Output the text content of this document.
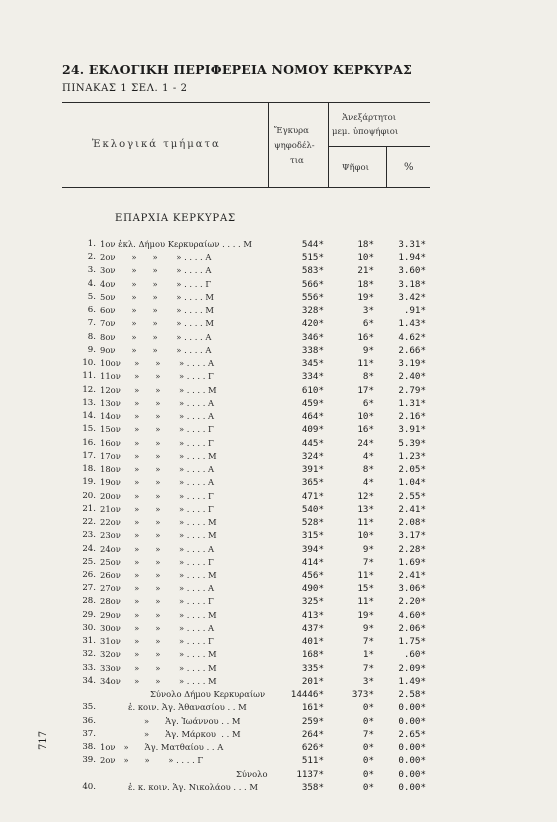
24. ΕΚΛΟΓΙΚΗ ΠΕΡΙΦΕΡΕΙΑ ΝΟΜΟΥ ΚΕΡΚΥΡΑΣ
ΠΙΝΑΚΑΣ 1 ΣΕΛ. 1 - 2
Ἐκλογικά τμήματα
Ἔγκυρα
ψηφοδέλ-
τια
Ἀνεξάρτητοι
μεμ. ὑποψήφιοι
Ψῆφοι	%
ΕΠΑΡΧΙΑ ΚΕΡΚΥΡΑΣ
1. 1ον ἐκλ. Δήμου Κερκυραίων . . . . Μ	544*	18*	3.31*
2. 2ον      »      »       » . . . . Α	515*	10*	1.94*
3. 3ον      »      »       » . . . . Α	583*	21*	3.60*
4. 4ον      »      »       » . . . . Γ	566*	18*	3.18*
5. 5ον      »      »       » . . . . Μ	556*	19*	3.42*
6. 6ον      »      »       » . . . . Μ	328*	3*	.91*
7. 7ον      »      »       » . . . . Μ	420*	6*	1.43*
8. 8ον      »      »       » . . . . Α	346*	16*	4.62*
9. 9ον      »      »       » . . . . Α	338*	9*	2.66*
10. 10ον     »      »       » . . . . Α	345*	11*	3.19*
11. 11ον     »      »       » . . . . Γ	334*	8*	2.40*
12. 12ον     »      »       » . . . . Μ	610*	17*	2.79*
13. 13ον     »      »       » . . . . Α	459*	6*	1.31*
14. 14ον     »      »       » . . . . Α	464*	10*	2.16*
15. 15ον     »      »       » . . . . Γ	409*	16*	3.91*
16. 16ον     »      »       » . . . . Γ	445*	24*	5.39*
17. 17ον     »      »       » . . . . Μ	324*	4*	1.23*
18. 18ον     »      »       » . . . . Α	391*	8*	2.05*
19. 19ον     »      »       » . . . . Α	365*	4*	1.04*
20. 20ον     »      »       » . . . . Γ	471*	12*	2.55*
21. 21ον     »      »       » . . . . Γ	540*	13*	2.41*
22. 22ον     »      »       » . . . . Μ	528*	11*	2.08*
23. 23ον     »      »       » . . . . Μ	315*	10*	3.17*
24. 24ον     »      »       » . . . . Α	394*	9*	2.28*
25. 25ον     »      »       » . . . . Γ	414*	7*	1.69*
26. 26ον     »      »       » . . . . Μ	456*	11*	2.41*
27. 27ον     »      »       » . . . . Α	490*	15*	3.06*
28. 28ον     »      »       » . . . . Γ	325*	11*	2.20*
29. 29ον     »      »       » . . . . Μ	413*	19*	4.60*
30. 30ον     »      »       » . . . . Α	437*	9*	2.06*
31. 31ον     »      »       » . . . . Γ	401*	7*	1.75*
32. 32ον     »      »       » . . . . Μ	168*	1*	.60*
33. 33ον     »      »       » . . . . Μ	335*	7*	2.09*
34. 34ον     »      »       » . . . . Μ	201*	3*	1.49*
Σύνολο Δήμου Κερκυραίων	14446*	373*	2.58*
35.	ἐ. κοιν. Ἁγ. Ἀθανασίου . . Μ	161*	0*	0.00*
36.	»      Ἁγ. Ἰωάννου . . Μ	259*	0*	0.00*
37.	»      Ἁγ. Μάρκου  . . Μ	264*	7*	2.65*
38. 1ον   »      Ἁγ. Ματθαίου . . Α	626*	0*	0.00*
39. 2ον   »      »       » . . . . Γ	511*	0*	0.00*
Σύνολο	1137*	0*	0.00*
40.	ἐ. κ. κοιν. Ἁγ. Νικολάου . . . Μ	358*	0*	0.00*
717
